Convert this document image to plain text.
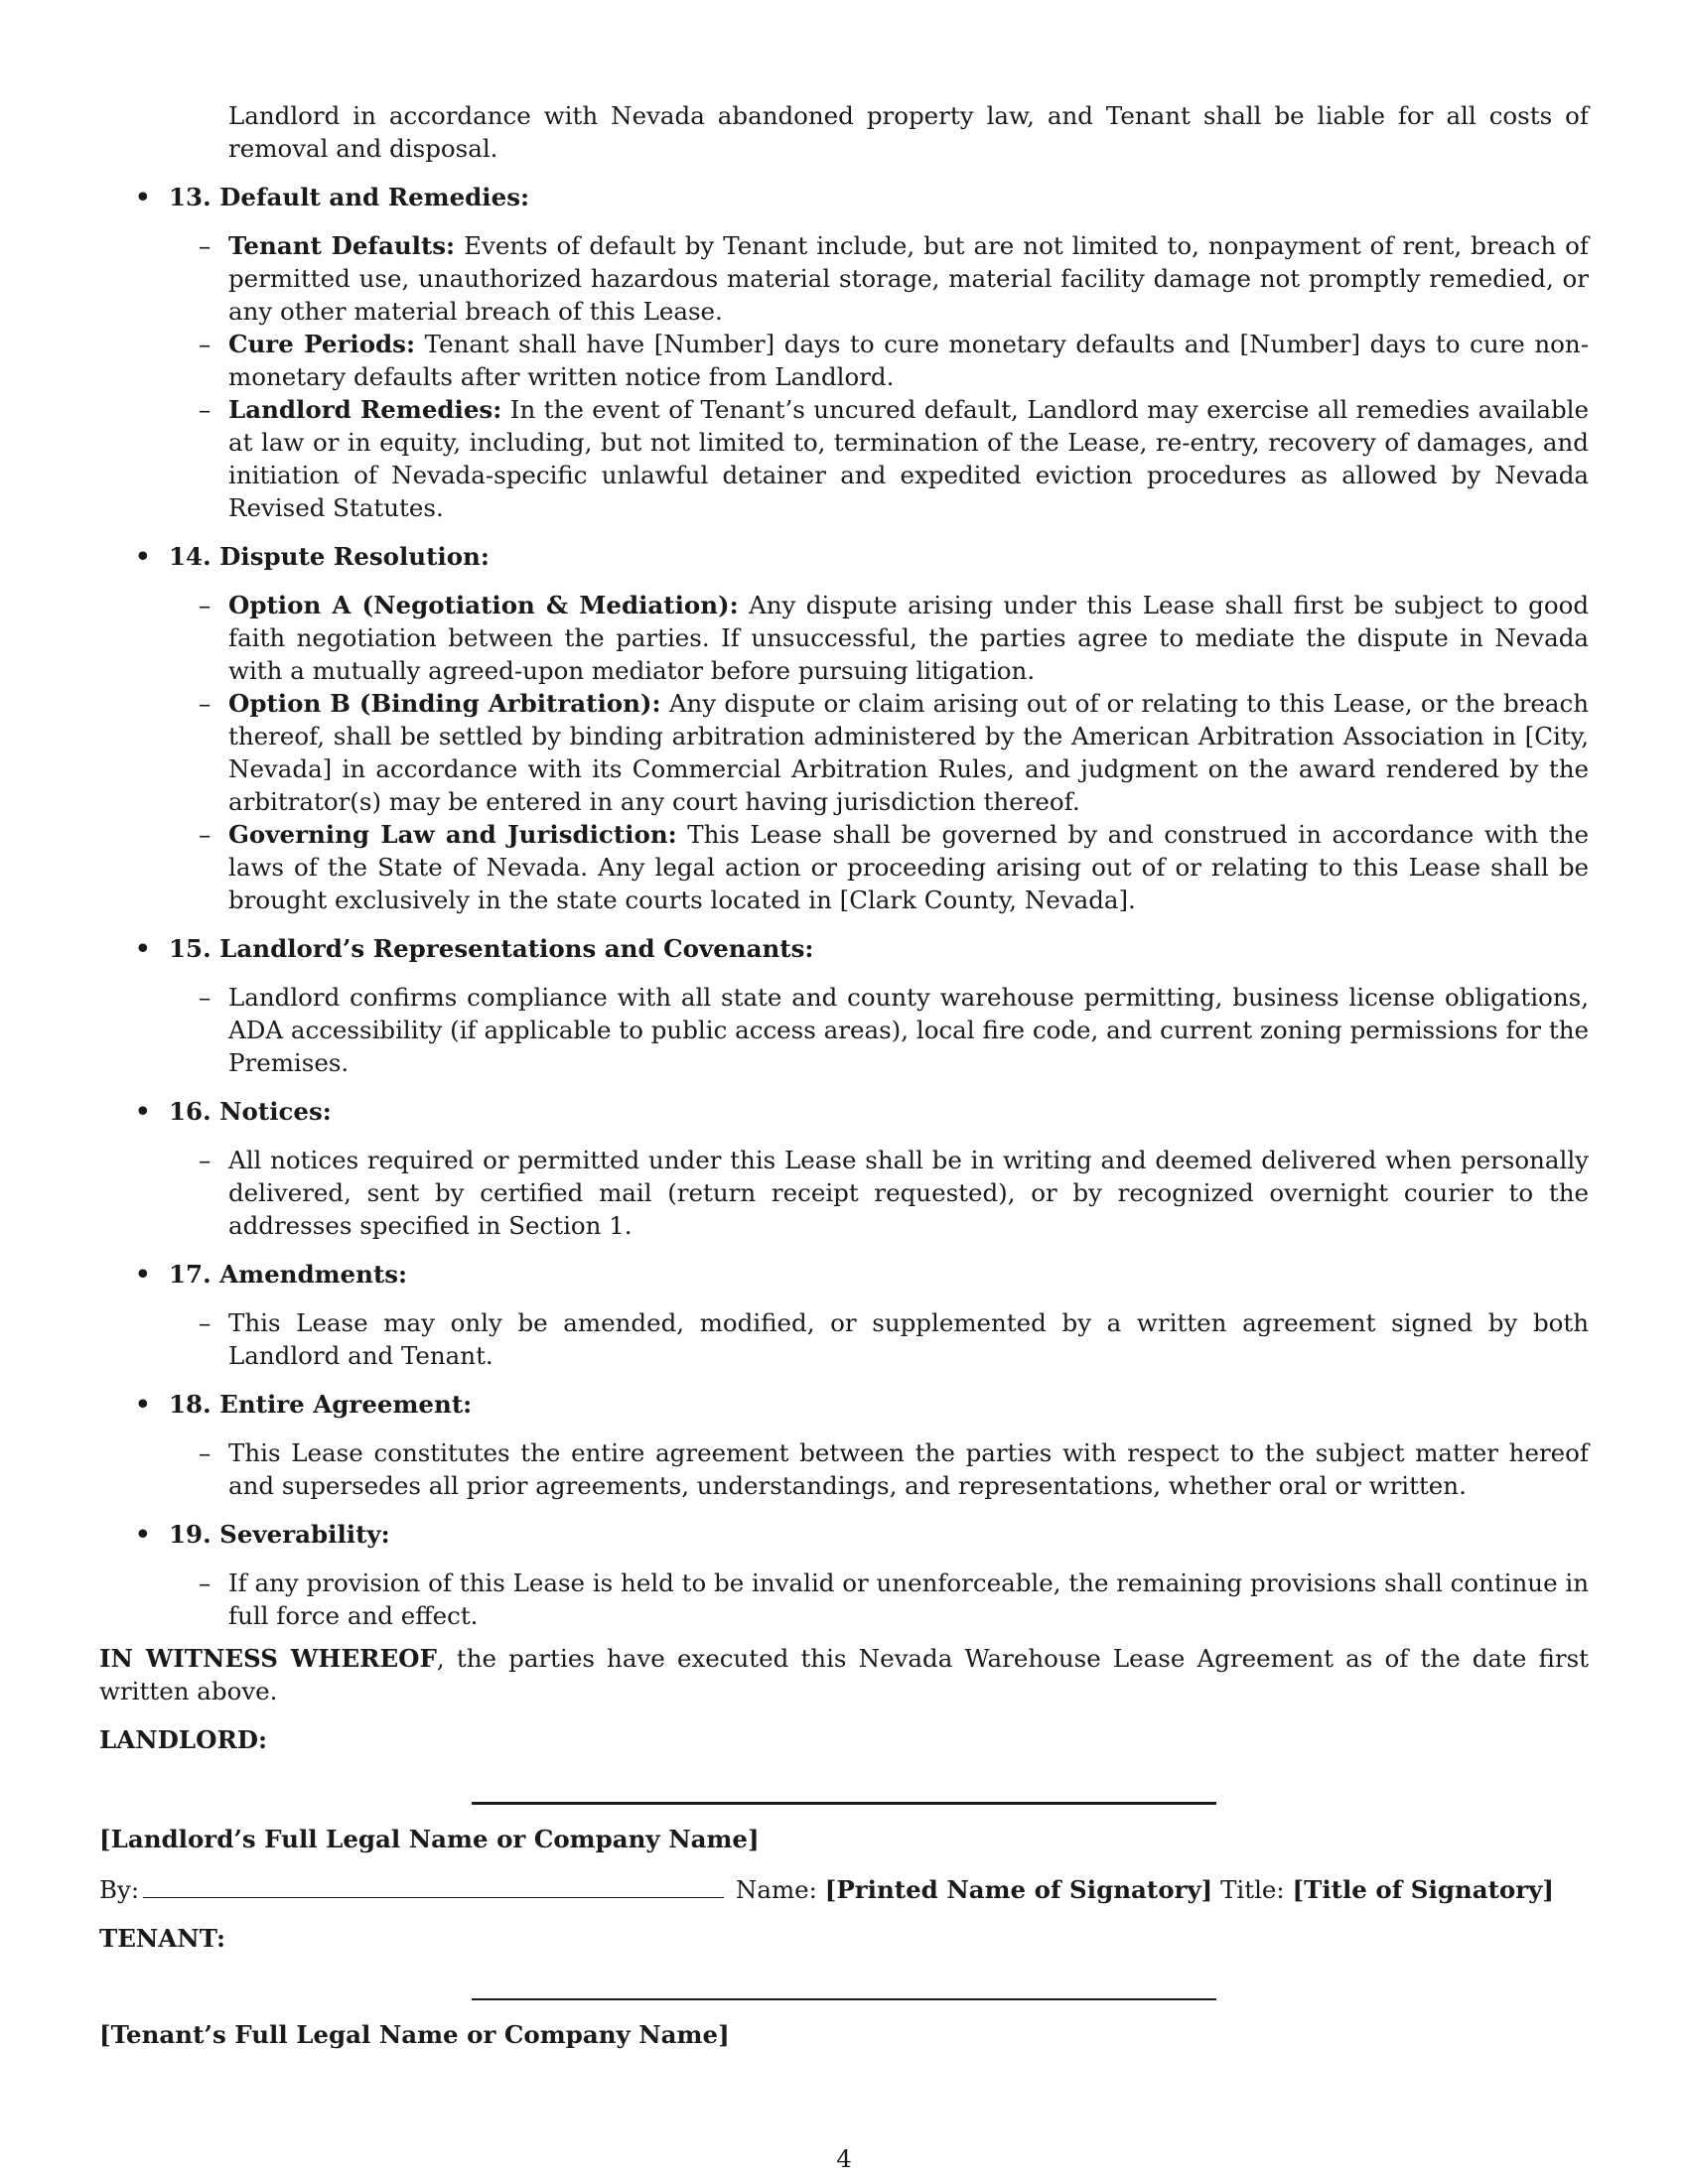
Landlord in accordance with Nevada abandoned property law, and Tenant shall be liable for all costs of removal and disposal.
• 13. Default and Remedies:
– Tenant Defaults: Events of default by Tenant include, but are not limited to, nonpayment of rent, breach of permitted use, unauthorized hazardous material storage, material facility damage not promptly remedied, or any other material breach of this Lease.
– Cure Periods: Tenant shall have [Number] days to cure monetary defaults and [Number] days to cure non-monetary defaults after written notice from Landlord.
– Landlord Remedies: In the event of Tenant’s uncured default, Landlord may exercise all remedies available at law or in equity, including, but not limited to, termination of the Lease, re-entry, recovery of damages, and initiation of Nevada-specific unlawful detainer and expedited eviction procedures as allowed by Nevada Revised Statutes.
• 14. Dispute Resolution:
– Option A (Negotiation & Mediation): Any dispute arising under this Lease shall first be subject to good faith negotiation between the parties. If unsuccessful, the parties agree to mediate the dispute in Nevada with a mutually agreed-upon mediator before pursuing litigation.
– Option B (Binding Arbitration): Any dispute or claim arising out of or relating to this Lease, or the breach thereof, shall be settled by binding arbitration administered by the American Arbitration Association in [City, Nevada] in accordance with its Commercial Arbitration Rules, and judgment on the award rendered by the arbitrator(s) may be entered in any court having jurisdiction thereof.
– Governing Law and Jurisdiction: This Lease shall be governed by and construed in accordance with the laws of the State of Nevada. Any legal action or proceeding arising out of or relating to this Lease shall be brought exclusively in the state courts located in [Clark County, Nevada].
• 15. Landlord’s Representations and Covenants:
– Landlord confirms compliance with all state and county warehouse permitting, business license obligations, ADA accessibility (if applicable to public access areas), local fire code, and current zoning permissions for the Premises.
• 16. Notices:
– All notices required or permitted under this Lease shall be in writing and deemed delivered when personally delivered, sent by certified mail (return receipt requested), or by recognized overnight courier to the addresses specified in Section 1.
• 17. Amendments:
– This Lease may only be amended, modified, or supplemented by a written agreement signed by both Landlord and Tenant.
• 18. Entire Agreement:
– This Lease constitutes the entire agreement between the parties with respect to the subject matter hereof and supersedes all prior agreements, understandings, and representations, whether oral or written.
• 19. Severability:
– If any provision of this Lease is held to be invalid or unenforceable, the remaining provisions shall continue in full force and effect.
IN WITNESS WHEREOF, the parties have executed this Nevada Warehouse Lease Agreement as of the date first written above.
LANDLORD:
[Landlord’s Full Legal Name or Company Name]
By:	Name: [Printed Name of Signatory] Title: [Title of Signatory]
TENANT:
[Tenant’s Full Legal Name or Company Name]
4
